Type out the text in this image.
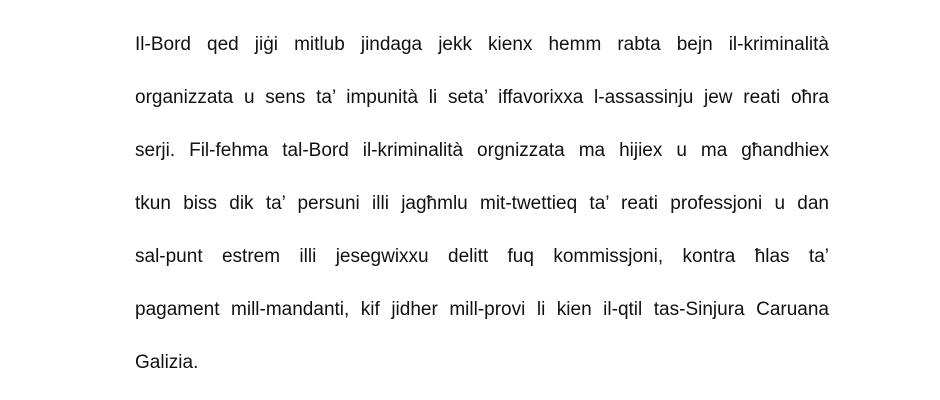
Il-Bord qed jiġi mitlub jindaga jekk kienx hemm rabta bejn il-kriminalità
organizzata u sens ta’ impunità li seta’ iffavorixxa l-assassinju jew reati oħra
serji. Fil-fehma tal-Bord il-kriminalità orgnizzata ma hijiex u ma għandhiex
tkun biss dik ta’ persuni illi jagħmlu mit-twettieq ta’ reati professjoni u dan
sal-punt estrem illi jesegwixxu delitt fuq kommissjoni, kontra ħlas ta’
pagament mill-mandanti, kif jidher mill-provi li kien il-qtil tas-Sinjura Caruana
Galizia.
